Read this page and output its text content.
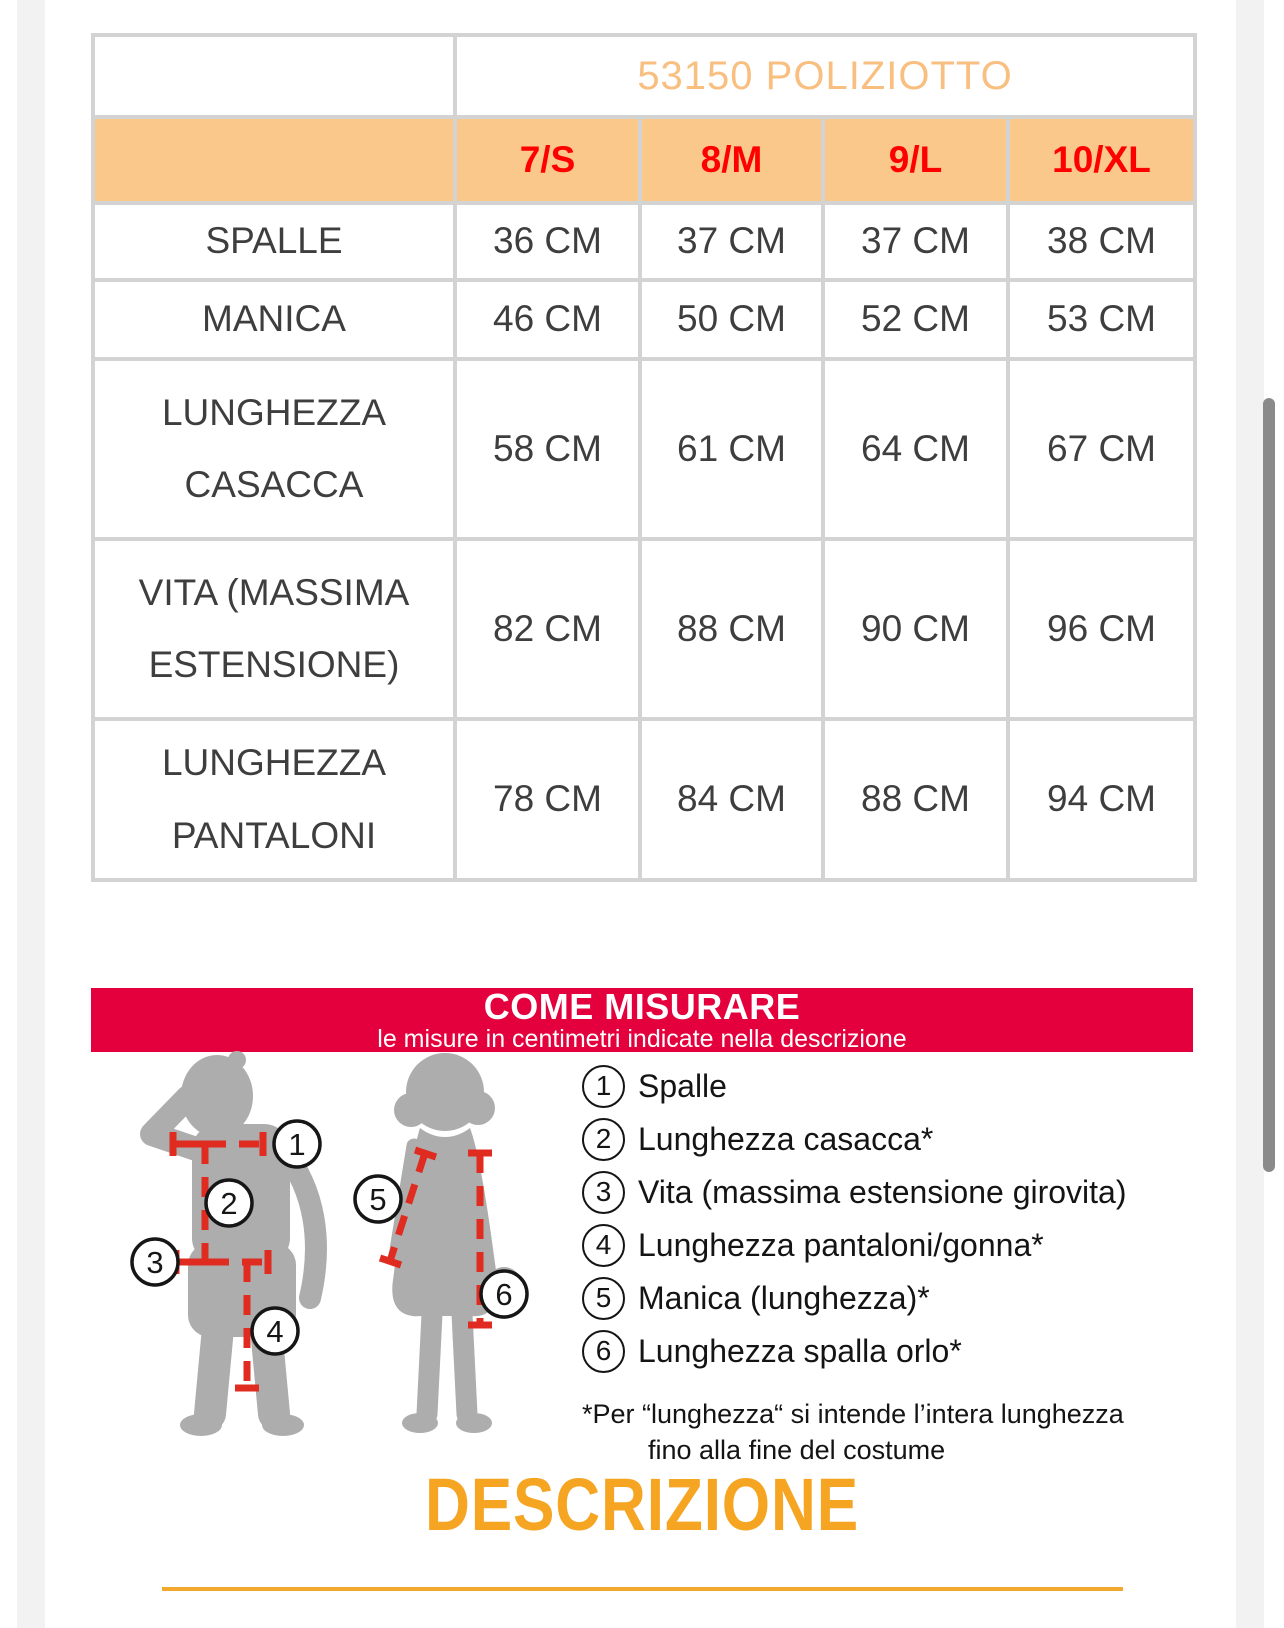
	53150 POLIZIOTTO			
	7/S	8/M	9/L	10/XL
SPALLE	36 CM	37 CM	37 CM	38 CM
MANICA	46 CM	50 CM	52 CM	53 CM
LUNGHEZZA CASACCA	58 CM	61 CM	64 CM	67 CM
VITA (MASSIMA ESTENSIONE)	82 CM	88 CM	90 CM	96 CM
LUNGHEZZA PANTALONI	78 CM	84 CM	88 CM	94 CM
COME MISURARE
le misure in centimetri indicate nella descrizione
1
2
3
4
5
6
1 Spalle
2 Lunghezza casacca*
3 Vita (massima estensione girovita)
4 Lunghezza pantaloni/gonna*
5 Manica (lunghezza)*
6 Lunghezza spalla orlo*
*Per “lunghezza“ si intende l’intera lunghezza
fino alla fine del costume
DESCRIZIONE
